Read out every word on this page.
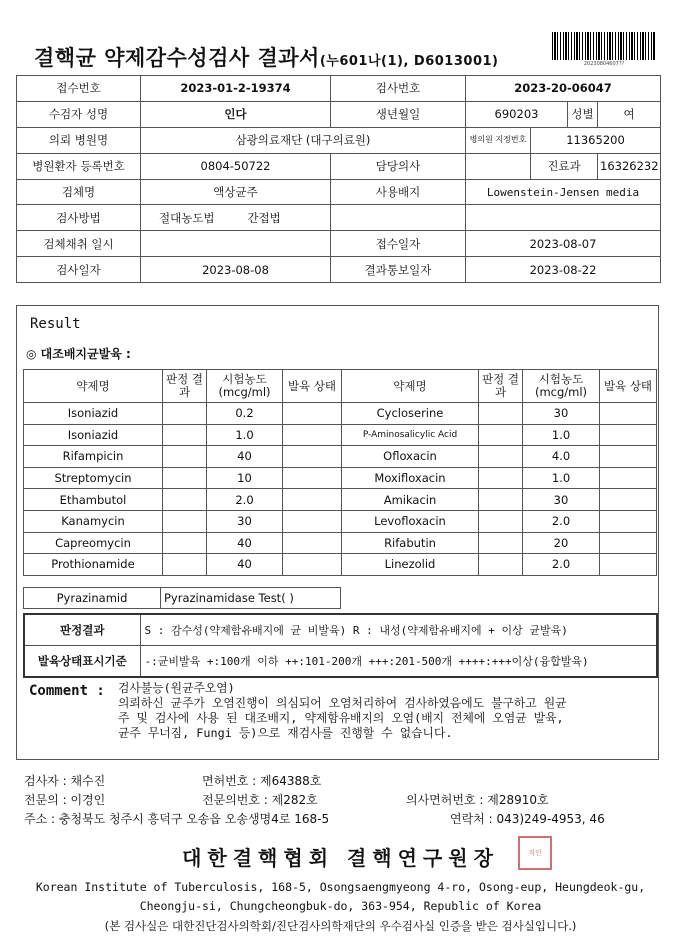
결핵균 약제감수성검사 결과서(누601나(1), D6013001)	20230804607??
접수번호	2023-01-2-19374	검사번호	2023-20-06047			
수검자 성명	인다	생년월일	690203		성별	여
의뢰 병원명	삼광의료재단 (대구의료원)		병의원 지정번호	11365200		
병원환자 등록번호	0804-50722	담당의사		진료과		16326232
검체명	액상균주	사용배지	Lowenstein-Jensen media			
검사방법	절대농도법 간접법					
검체채취 일시		접수일자	2023-08-07			
검사일자	2023-08-08	결과통보일자	2023-08-22			
Result
◎ 대조배지균발육 :
약제명	판정 결과	시험농도 (mcg/ml)	발육 상태	약제명	판정 결과	시험농도 (mcg/ml)	발육 상태
Isoniazid		0.2		Cycloserine		30	
Isoniazid		1.0		P-Aminosalicylic Acid		1.0	
Rifampicin		40		Ofloxacin		4.0	
Streptomycin		10		Moxifloxacin		1.0	
Ethambutol		2.0		Amikacin		30	
Kanamycin		30		Levofloxacin		2.0	
Capreomycin		40		Rifabutin		20	
Prothionamide		40		Linezolid		2.0	
Pyrazinamid	Pyrazinamidase Test( )
판정결과	S : 감수성(약제함유배지에 균 비발육) R : 내성(약제함유배지에 + 이상 균발육)
발육상태표시기준	-:균비발육 +:100개 이하 ++:101-200개 +++:201-500개 ++++:+++이상(융합발육)
Comment : 검사불능(원균주오염)
의뢰하신 균주가 오염진행이 의심되어 오염처리하여 검사하였음에도 불구하고 원균
주 및 검사에 사용 된 대조배지, 약제함유배지의 오염(배지 전체에 오염균 발육,
균주 무너짐, Fungi 등)으로 재검사를 진행할 수 없습니다.
검사자 : 채수진	면허번호 : 제64388호
전문의 : 이경인	전문의번호 : 제282호	의사면허번호 : 제28910호
주소 : 충청북도 청주시 흥덕구 오송읍 오송생명4로 168-5	연락처 : 043)249-4953, 46
대한결핵협회 결핵연구원장	직인
Korean Institute of Tuberculosis, 168-5, Osongsaengmyeong 4-ro, Osong-eup, Heungdeok-gu,
Cheongju-si, Chungcheongbuk-do, 363-954, Republic of Korea
(본 검사실은 대한진단검사의학회/진단검사의학재단의 우수검사실 인증을 받은 검사실입니다.)
